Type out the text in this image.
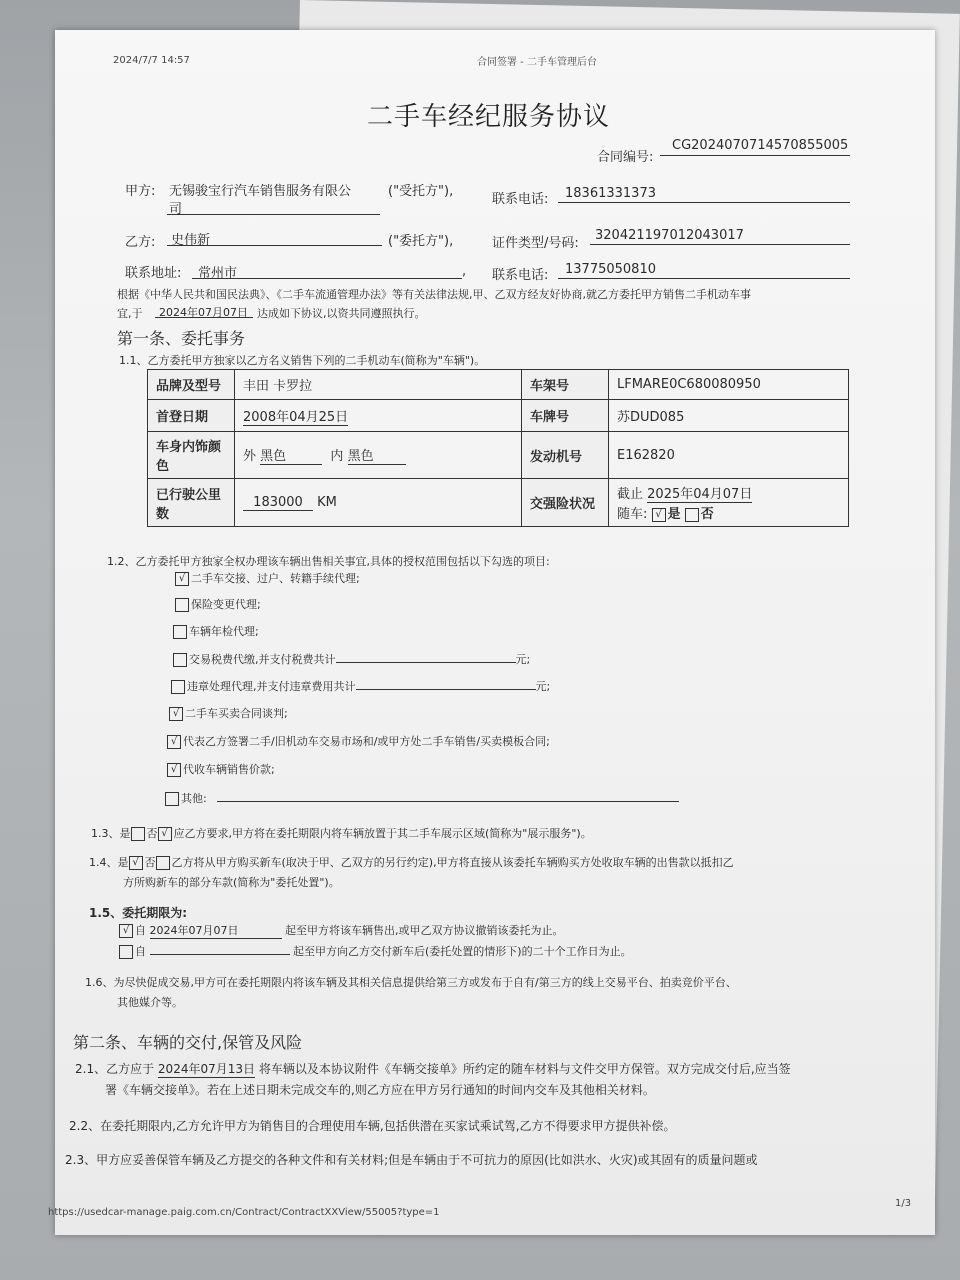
2024/7/7 14:57	合同签署 - 二手车管理后台
二手车经纪服务协议
合同编号:
CG202407071457085500​5
甲方: 无锡骏宝行汽车销售服务有限公
司
("受托方"),
联系电话: 18361331373
乙方: 史伟新	("委托方"),	证件类型/号码:
320421197012043017
联系地址: 常州市	, 联系电话: 13775050810
根据《中华人民共和国民法典》、《二手车流通管理办法》等有关法律法规,甲、乙双方经友好协商,就乙方委托甲方销售二手机动车事
宜,于 2024年07月07日 达成如下协议,以资共同遵照执行。
第一条、委托事务
1.1、乙方委托甲方独家以乙方名义销售下列的二手机动车(简称为"车辆")。
品牌及型号	丰田 卡罗拉	车架号	LFMARE0C680080950
首登日期	2008年04月25日	车牌号	苏DUD085
车身内饰颜色	外 黑色 内 黑色	发动机号	E162820
已行驶公里数	183000 KM	交强险状况	截止 2025年04月07日
随车: √ 是 否
1.2、乙方委托甲方独家全权办理该车辆出售相关事宜,具体的授权范围包括以下勾选的项目:
√ 二手车交接、过户、转籍手续代理;
保险变更代理;
车辆年检代理;
交易税费代缴,并支付税费共计	元;
违章处理代理,并支付违章费用共计	元;
√ 二手车买卖合同谈判;
√ 代表乙方签署二手/旧机动车交易市场和/或甲方处二手车销售/买卖模板合同;
√ 代收车辆销售价款;
其他:
1.3、是 否 √ 应乙方要求,甲方将在委托期限内将车辆放置于其二手车展示区域(简称为"展示服务")。
1.4、是 √ 否 乙方将从甲方购买新车(取决于甲、乙双方的另行约定),甲方将直接从该委托车辆购买方处收取车辆的出售款以抵扣乙
方所购新车的部分车款(简称为"委托处置")。
1.5、委托期限为:
√ 自 2024年07月07日	起至甲方将该车辆售出,或甲乙双方协议撤销该委托为止。
自	起至甲方向乙方交付新车后(委托处置的情形下)的二十个工作日为止。
1.6、为尽快促成交易,甲方可在委托期限内将该车辆及其相关信息提供给第三方或发布于自有/第三方的线上交易平台、拍卖竞价平台、
其他媒介等。
第二条、车辆的交付,保管及风险
2.1、乙方应于 2024年07月13日 将车辆以及本协议附件《车辆交接单》所约定的随车材料与文件交甲方保管。双方完成交付后,应当签
署《车辆交接单》。若在上述日期未完成交车的,则乙方应在甲方另行通知的时间内交车及其他相关材料。
2.2、在委托期限内,乙方允许甲方为销售目的合理使用车辆,包括供潜在买家试乘试驾,乙方不得要求甲方提供补偿。
2.3、甲方应妥善保管车辆及乙方提交的各种文件和有关材料;但是车辆由于不可抗力的原因(比如洪水、火灾)或其固有的质量问题或
https://usedcar-manage.paig.com.cn/Contract/ContractXXView/55005?type=1
1/3
